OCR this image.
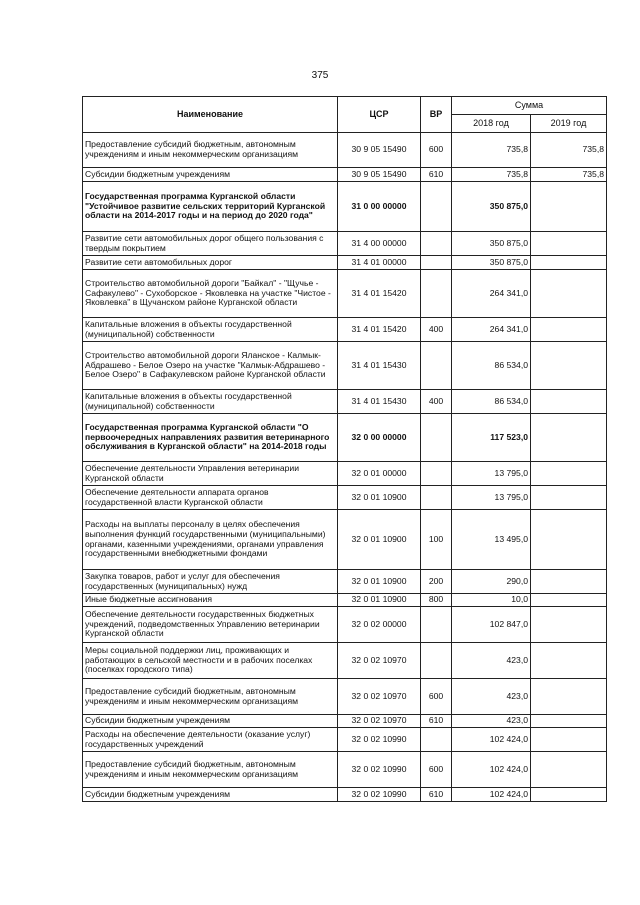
375
Наименование	ЦСР	ВР	Сумма	
			2018 год	2019 год
Предоставление субсидий бюджетным, автономным учреждениям и иным некоммерческим организациям	30 9 05 15490	600	735,8	735,8
Субсидии бюджетным учреждениям	30 9 05 15490	610	735,8	735,8
Государственная программа Курганской области "Устойчивое развитие сельских территорий Курганской области на 2014-2017 годы и на период до 2020 года"	31 0 00 00000		350 875,0	
Развитие сети автомобильных дорог общего пользования с твердым покрытием	31 4 00 00000		350 875,0	
Развитие сети автомобильных дорог	31 4 01 00000		350 875,0	
Строительство автомобильной дороги "Байкал" - "Щучье - Сафакулево" - Сухоборское - Яковлевка на участке "Чистое - Яковлевка" в Щучанском районе Курганской области	31 4 01 15420		264 341,0	
Капитальные вложения в объекты государственной (муниципальной) собственности	31 4 01 15420	400	264 341,0	
Строительство автомобильной дороги Яланское - Калмык-Абдрашево - Белое Озеро на участке "Калмык-Абдрашево - Белое Озеро" в Сафакулевском районе Курганской области	31 4 01 15430		86 534,0	
Капитальные вложения в объекты государственной (муниципальной) собственности	31 4 01 15430	400	86 534,0	
Государственная программа Курганской области "О первоочередных направлениях развития ветеринарного обслуживания в Курганской области" на 2014-2018 годы	32 0 00 00000		117 523,0	
Обеспечение деятельности Управления ветеринарии Курганской области	32 0 01 00000		13 795,0	
Обеспечение деятельности аппарата органов государственной власти Курганской области	32 0 01 10900		13 795,0	
Расходы на выплаты персоналу в целях обеспечения выполнения функций государственными (муниципальными) органами, казенными учреждениями, органами управления государственными внебюджетными фондами	32 0 01 10900	100	13 495,0	
Закупка товаров, работ и услуг для обеспечения государственных (муниципальных) нужд	32 0 01 10900	200	290,0	
Иные бюджетные ассигнования	32 0 01 10900	800	10,0	
Обеспечение деятельности государственных бюджетных учреждений, подведомственных Управлению ветеринарии Курганской области	32 0 02 00000		102 847,0	
Меры социальной поддержки лиц, проживающих и работающих в сельской местности и в рабочих поселках (поселках городского типа)	32 0 02 10970		423,0	
Предоставление субсидий бюджетным, автономным учреждениям и иным некоммерческим организациям	32 0 02 10970	600	423,0	
Субсидии бюджетным учреждениям	32 0 02 10970	610	423,0	
Расходы на обеспечение деятельности (оказание услуг) государственных учреждений	32 0 02 10990		102 424,0	
Предоставление субсидий бюджетным, автономным учреждениям и иным некоммерческим организациям	32 0 02 10990	600	102 424,0	
Субсидии бюджетным учреждениям	32 0 02 10990	610	102 424,0	
